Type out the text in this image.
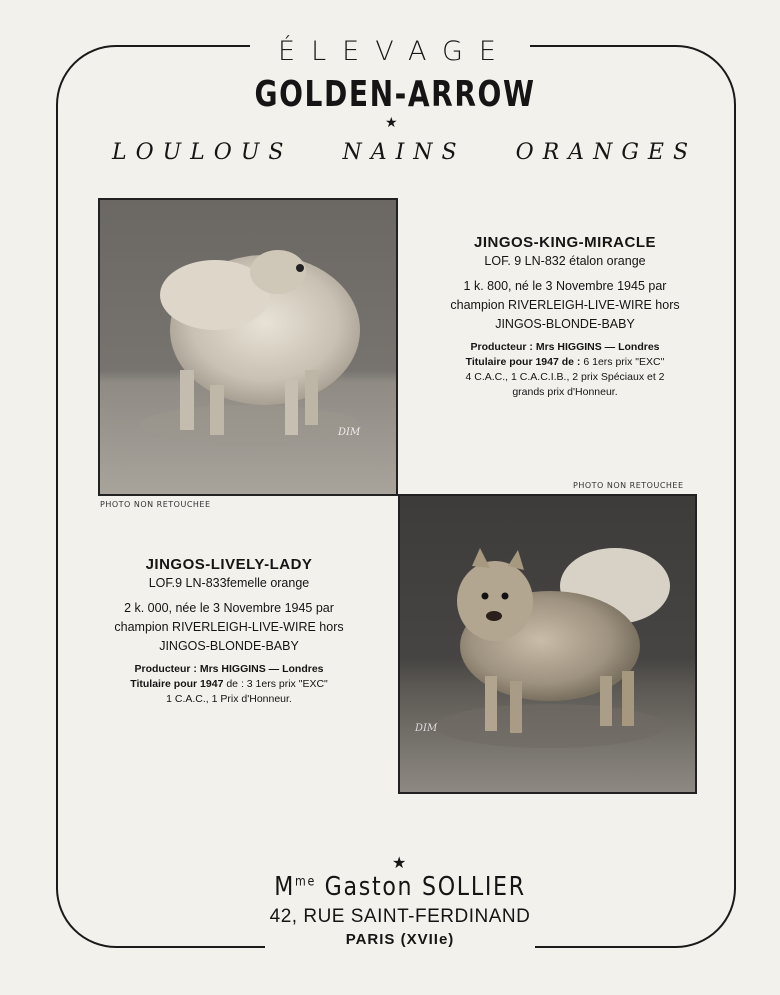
ÉLEVAGE
GOLDEN-ARROW
★
LOULOUS NAINS ORANGES
DIM
PHOTO NON RETOUCHEE
JINGOS-KING-MIRACLE
LOF. 9 LN-832 étalon orange
1 k. 800, né le 3 Novembre 1945 par
champion RIVERLEIGH-LIVE-WIRE hors
JINGOS-BLONDE-BABY
Producteur : Mrs HIGGINS — Londres
Titulaire pour 1947 de : 6 1ers prix "EXC"
4 C.A.C., 1 C.A.C.I.B., 2 prix Spéciaux et 2
grands prix d'Honneur.
PHOTO NON RETOUCHEE
DIM
JINGOS-LIVELY-LADY
LOF.9 LN-833femelle orange
2 k. 000, née le 3 Novembre 1945 par
champion RIVERLEIGH-LIVE-WIRE hors
JINGOS-BLONDE-BABY
Producteur : Mrs HIGGINS — Londres
Titulaire pour 1947 de : 3 1ers prix "EXC"
1 C.A.C., 1 Prix d'Honneur.
★
$M^{me}$ Gaston SOLLIER
42, RUE SAINT-FERDINAND
PARIS (XVIIe)
